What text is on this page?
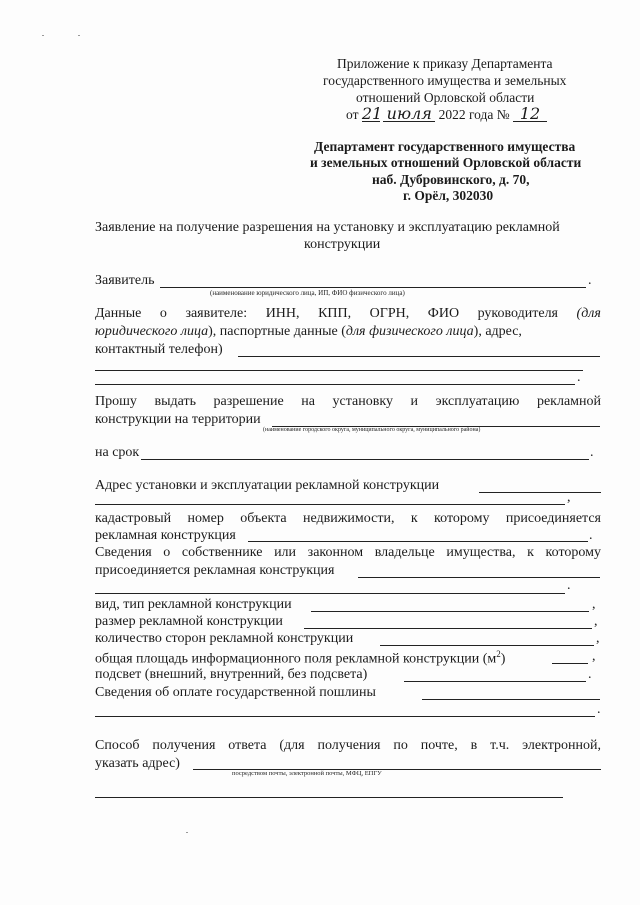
Приложение к приказу Департамента
государственного имущества и земельных
отношений Орловской области
от 21 июля 2022 года № 12
Департамент государственного имущества
и земельных отношений Орловской области
наб. Дубровинского, д. 70,
г. Орёл, 302030
Заявление на получение разрешения на установку и эксплуатацию рекламной
конструкции
Заявитель	.
(наименование юридического лица, ИП, ФИО физического лица)
Данные о заявителе: ИНН, КПП, ОГРН, ФИО руководителя (для
юридического лица), паспортные данные (для физического лица), адрес,
контактный телефон)
.
Прошу выдать разрешение на установку и эксплуатацию рекламной
конструкции на территории
(наименование городского округа, муниципального округа, муниципального района)
на срок	.
Адрес установки и эксплуатации рекламной конструкции
,
кадастровый номер объекта недвижимости, к которому присоединяется
рекламная конструкция	.
Сведения о собственнике или законном владельце имущества, к которому
присоединяется рекламная конструкция
.
вид, тип рекламной конструкции	,
размер рекламной конструкции	,
количество сторон рекламной конструкции	,
общая площадь информационного поля рекламной конструкции $(м^2)$	,
подсвет (внешний, внутренний, без подсвета)	.
Сведения об оплате государственной пошлины
.
Способ получения ответа (для получения по почте, в т.ч. электронной,
указать адрес)
посредством почты, электронной почты, МФЦ, ЕПГУ
